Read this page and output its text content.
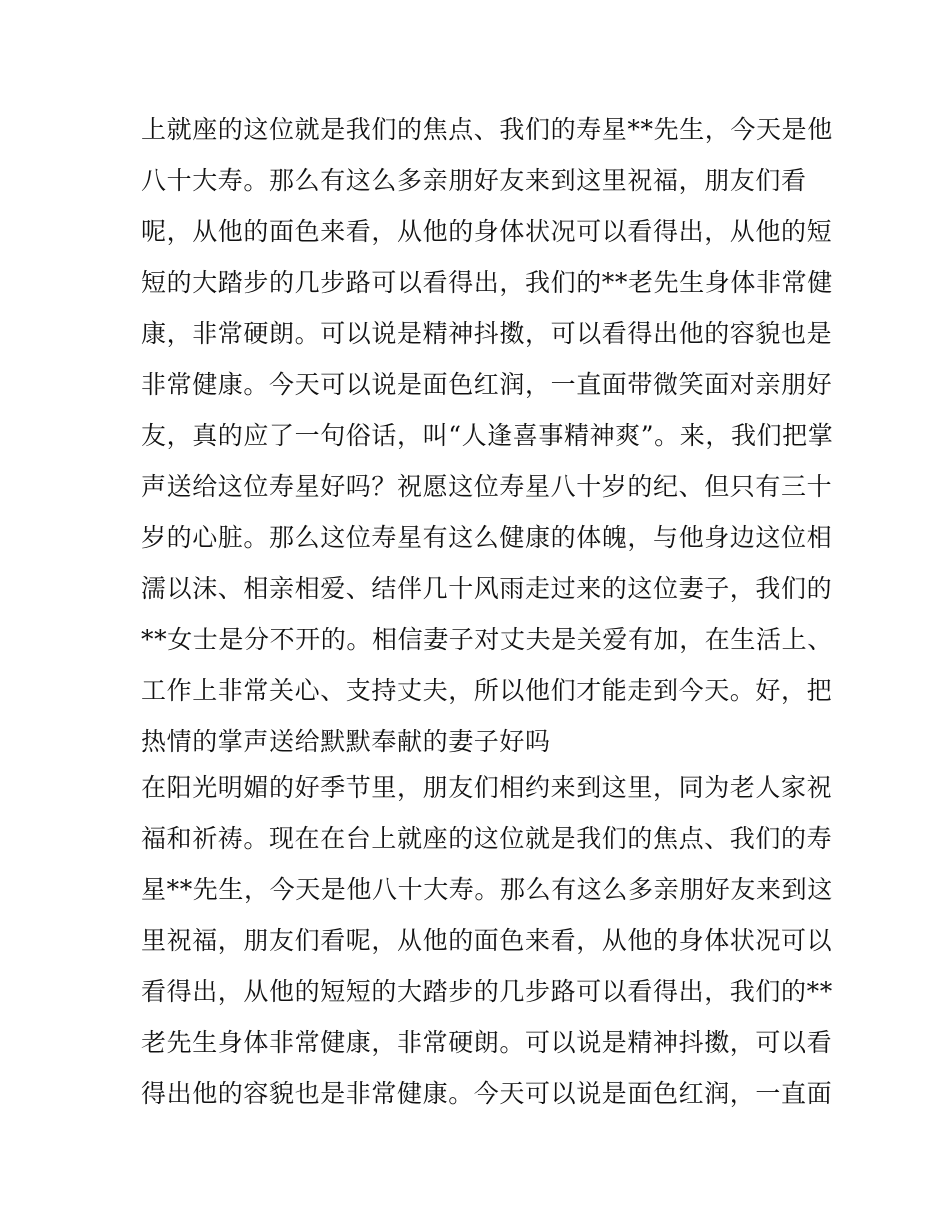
上就座的这位就是我们的焦点、我们的寿星**先生，今天是他
八十大寿。那么有这么多亲朋好友来到这里祝福，朋友们看
呢，从他的面色来看，从他的身体状况可以看得出，从他的短
短的大踏步的几步路可以看得出，我们的**老先生身体非常健
康，非常硬朗。可以说是精神抖擞，可以看得出他的容貌也是
非常健康。今天可以说是面色红润，一直面带微笑面对亲朋好
友，真的应了一句俗话，叫“人逢喜事精神爽”。来，我们把掌
声送给这位寿星好吗？祝愿这位寿星八十岁的纪、但只有三十
岁的心脏。那么这位寿星有这么健康的体魄，与他身边这位相
濡以沫、相亲相爱、结伴几十风雨走过来的这位妻子，我们的
**女士是分不开的。相信妻子对丈夫是关爱有加，在生活上、
工作上非常关心、支持丈夫，所以他们才能走到今天。好，把
热情的掌声送给默默奉献的妻子好吗
在阳光明媚的好季节里，朋友们相约来到这里，同为老人家祝
福和祈祷。现在在台上就座的这位就是我们的焦点、我们的寿
星**先生，今天是他八十大寿。那么有这么多亲朋好友来到这
里祝福，朋友们看呢，从他的面色来看，从他的身体状况可以
看得出，从他的短短的大踏步的几步路可以看得出，我们的**
老先生身体非常健康，非常硬朗。可以说是精神抖擞，可以看
得出他的容貌也是非常健康。今天可以说是面色红润，一直面
